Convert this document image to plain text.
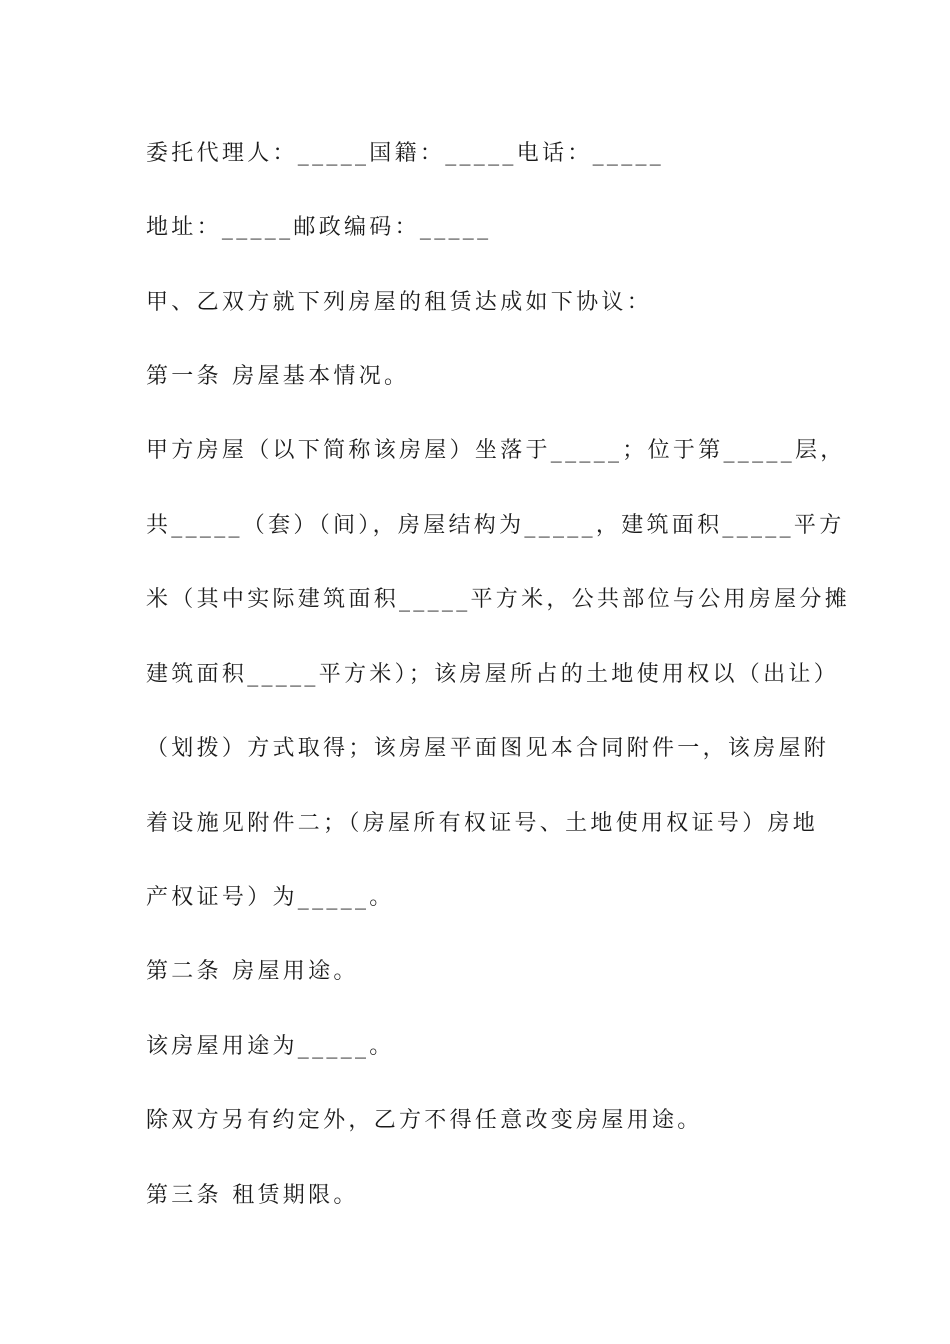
委托代理人：_____国籍：_____电话：_____
地址：_____邮政编码：_____
甲、乙双方就下列房屋的租赁达成如下协议：
第一条 房屋基本情况。
甲方房屋（以下简称该房屋）坐落于_____；位于第_____层，
共_____（套）（间），房屋结构为_____，建筑面积_____平方
米（其中实际建筑面积_____平方米，公共部位与公用房屋分摊
建筑面积_____平方米）；该房屋所占的土地使用权以（出让）
（划拨）方式取得；该房屋平面图见本合同附件一，该房屋附
着设施见附件二；（房屋所有权证号、土地使用权证号）房地
产权证号）为_____。
第二条 房屋用途。
该房屋用途为_____。
除双方另有约定外，乙方不得任意改变房屋用途。
第三条 租赁期限。
